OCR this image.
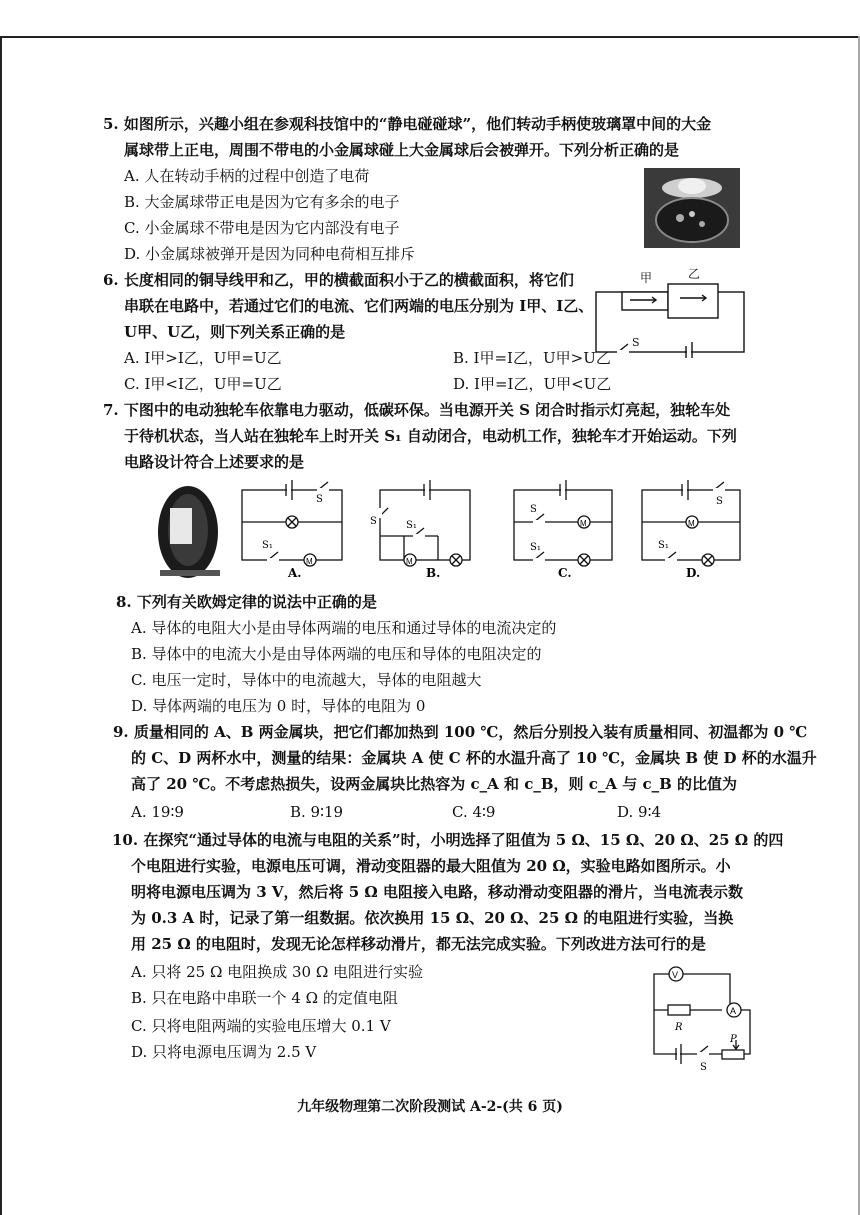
5. 如图所示，兴趣小组在参观科技馆中的“静电碰碰球”，他们转动手柄使玻璃罩中间的大金
属球带上正电，周围不带电的小金属球碰上大金属球后会被弹开。下列分析正确的是
A. 人在转动手柄的过程中创造了电荷
B. 大金属球带正电是因为它有多余的电子
C. 小金属球不带电是因为它内部没有电子
D. 小金属球被弹开是因为同种电荷相互排斥
6. 长度相同的铜导线甲和乙，甲的横截面积小于乙的横截面积，将它们
串联在电路中，若通过它们的电流、它们两端的电压分别为 I甲、I乙、
U甲、U乙，则下列关系正确的是
A. I甲>I乙，U甲=U乙	B. I甲=I乙，U甲>U乙
C. I甲<I乙，U甲=U乙	D. I甲=I乙，U甲<U乙
甲	乙
S
7. 下图中的电动独轮车依靠电力驱动，低碳环保。当电源开关 S 闭合时指示灯亮起，独轮车处
于待机状态，当人站在独轮车上时开关 S₁ 自动闭合，电动机工作，独轮车才开始运动。下列
电路设计符合上述要求的是
M
S₁
S
A.
M
S	S₁
B.
M
S
S₁
C.
M
S₁
S
D.
8. 下列有关欧姆定律的说法中正确的是
A. 导体的电阻大小是由导体两端的电压和通过导体的电流决定的
B. 导体中的电流大小是由导体两端的电压和导体的电阻决定的
C. 电压一定时，导体中的电流越大，导体的电阻越大
D. 导体两端的电压为 0 时，导体的电阻为 0
9. 质量相同的 A、B 两金属块，把它们都加热到 100 ℃，然后分别投入装有质量相同、初温都为 0 ℃
的 C、D 两杯水中，测量的结果：金属块 A 使 C 杯的水温升高了 10 ℃，金属块 B 使 D 杯的水温升
高了 20 ℃。不考虑热损失，设两金属块比热容为 c_A 和 c_B，则 c_A 与 c_B 的比值为
A. 19∶9	B. 9∶19	C. 4∶9	D. 9∶4
10. 在探究“通过导体的电流与电阻的关系”时，小明选择了阻值为 5 Ω、15 Ω、20 Ω、25 Ω 的四
个电阻进行实验，电源电压可调，滑动变阻器的最大阻值为 20 Ω，实验电路如图所示。小
明将电源电压调为 3 V，然后将 5 Ω 电阻接入电路，移动滑动变阻器的滑片，当电流表示数
为 0.3 A 时，记录了第一组数据。依次换用 15 Ω、20 Ω、25 Ω 的电阻进行实验，当换
用 25 Ω 的电阻时，发现无论怎样移动滑片，都无法完成实验。下列改进方法可行的是
A. 只将 25 Ω 电阻换成 30 Ω 电阻进行实验
B. 只在电路中串联一个 4 Ω 的定值电阻
C. 只将电阻两端的实验电压增大 0.1 V
D. 只将电源电压调为 2.5 V
V
A
R
P
S
九年级物理第二次阶段测试 A-2-(共 6 页)
